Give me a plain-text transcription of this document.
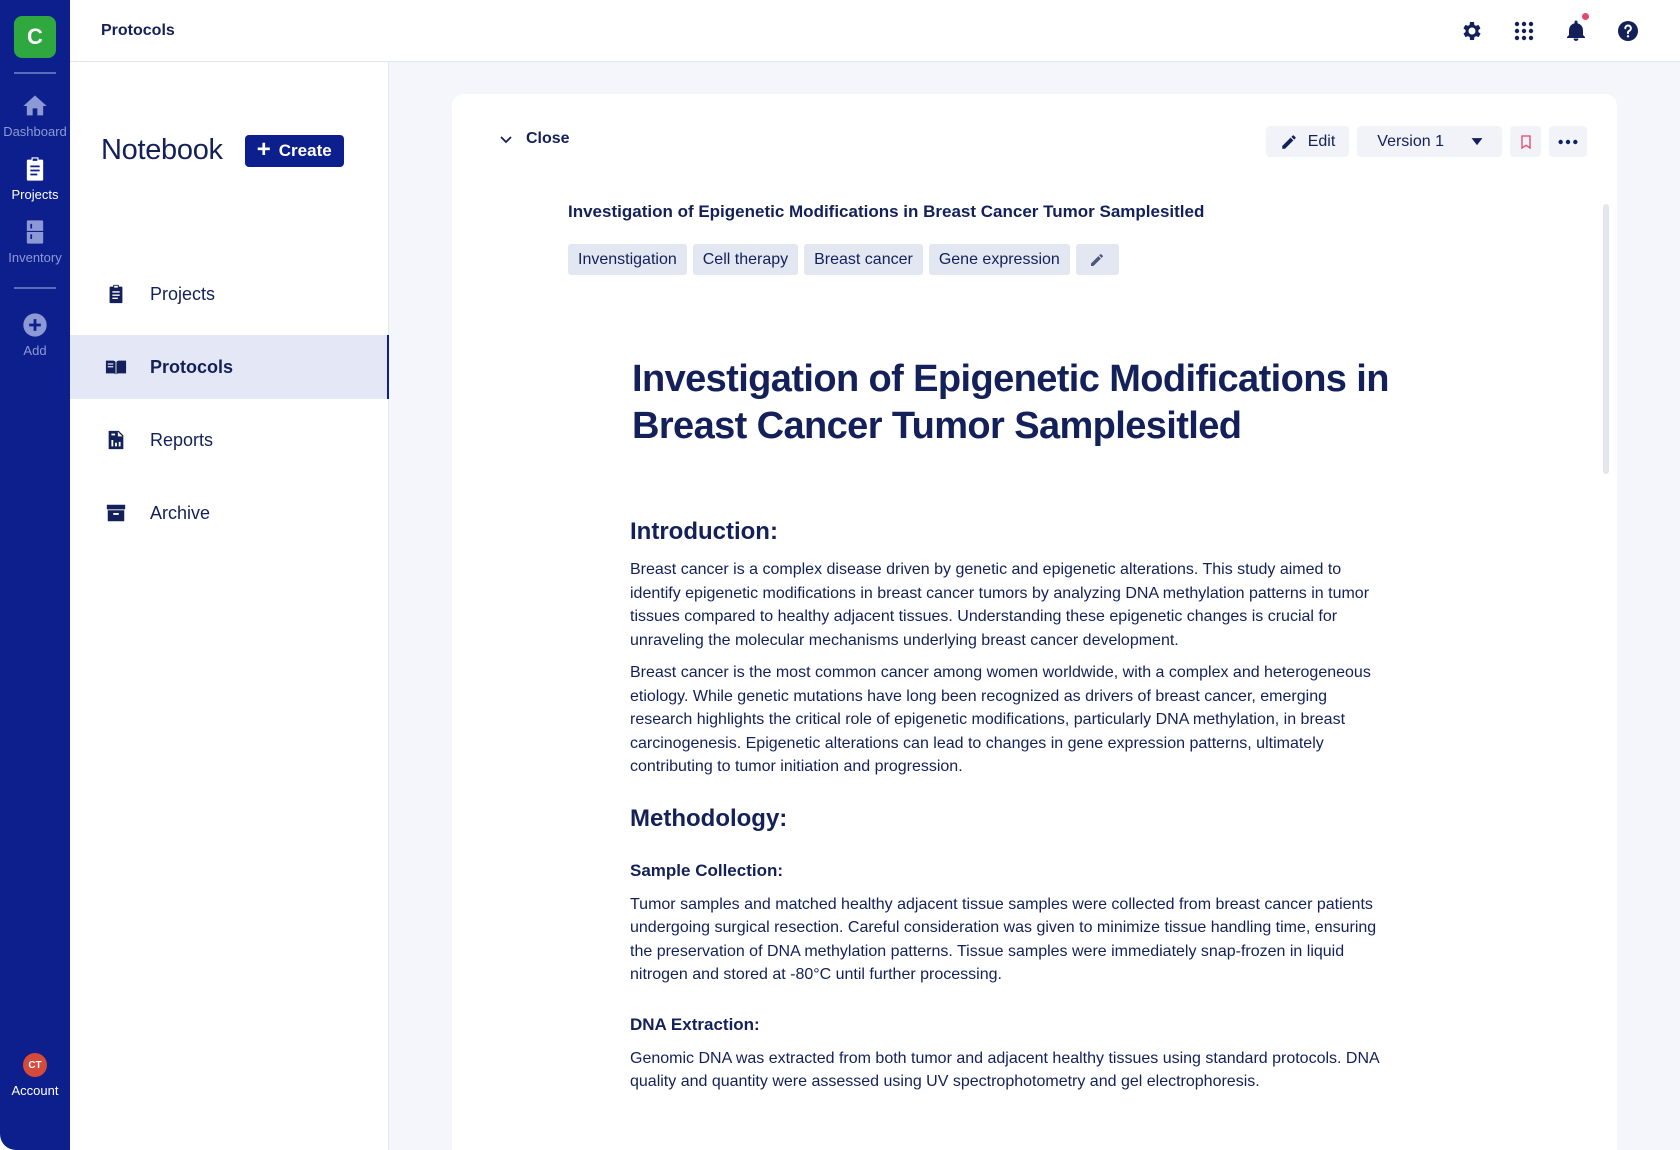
C
Dashboard
Projects
Inventory
Add
CT
Account
Protocols
Notebook + Create
Projects
Protocols
Reports
Archive
Close	Edit	Version 1
Investigation of Epigenetic Modifications in Breast Cancer Tumor Samplesitled
Invenstigation	Cell therapy	Breast cancer	Gene expression
Investigation of Epigenetic Modifications in
Breast Cancer Tumor Samplesitled
Introduction:

Breast cancer is a complex disease driven by genetic and epigenetic alterations. This study aimed to identify epigenetic modifications in breast cancer tumors by analyzing DNA methylation patterns in tumor tissues compared to healthy adjacent tissues. Understanding these epigenetic changes is crucial for unraveling the molecular mechanisms underlying breast cancer development.

Breast cancer is the most common cancer among women worldwide, with a complex and heterogeneous etiology. While genetic mutations have long been recognized as drivers of breast cancer, emerging research highlights the critical role of epigenetic modifications, particularly DNA methylation, in breast carcinogenesis. Epigenetic alterations can lead to changes in gene expression patterns, ultimately contributing to tumor initiation and progression.

Methodology:
Sample Collection:

Tumor samples and matched healthy adjacent tissue samples were collected from breast cancer patients undergoing surgical resection. Careful consideration was given to minimize tissue handling time, ensuring the preservation of DNA methylation patterns. Tissue samples were immediately snap-frozen in liquid nitrogen and stored at -80°C until further processing.

DNA Extraction:

Genomic DNA was extracted from both tumor and adjacent healthy tissues using standard protocols. DNA quality and quantity were assessed using UV spectrophotometry and gel electrophoresis.
